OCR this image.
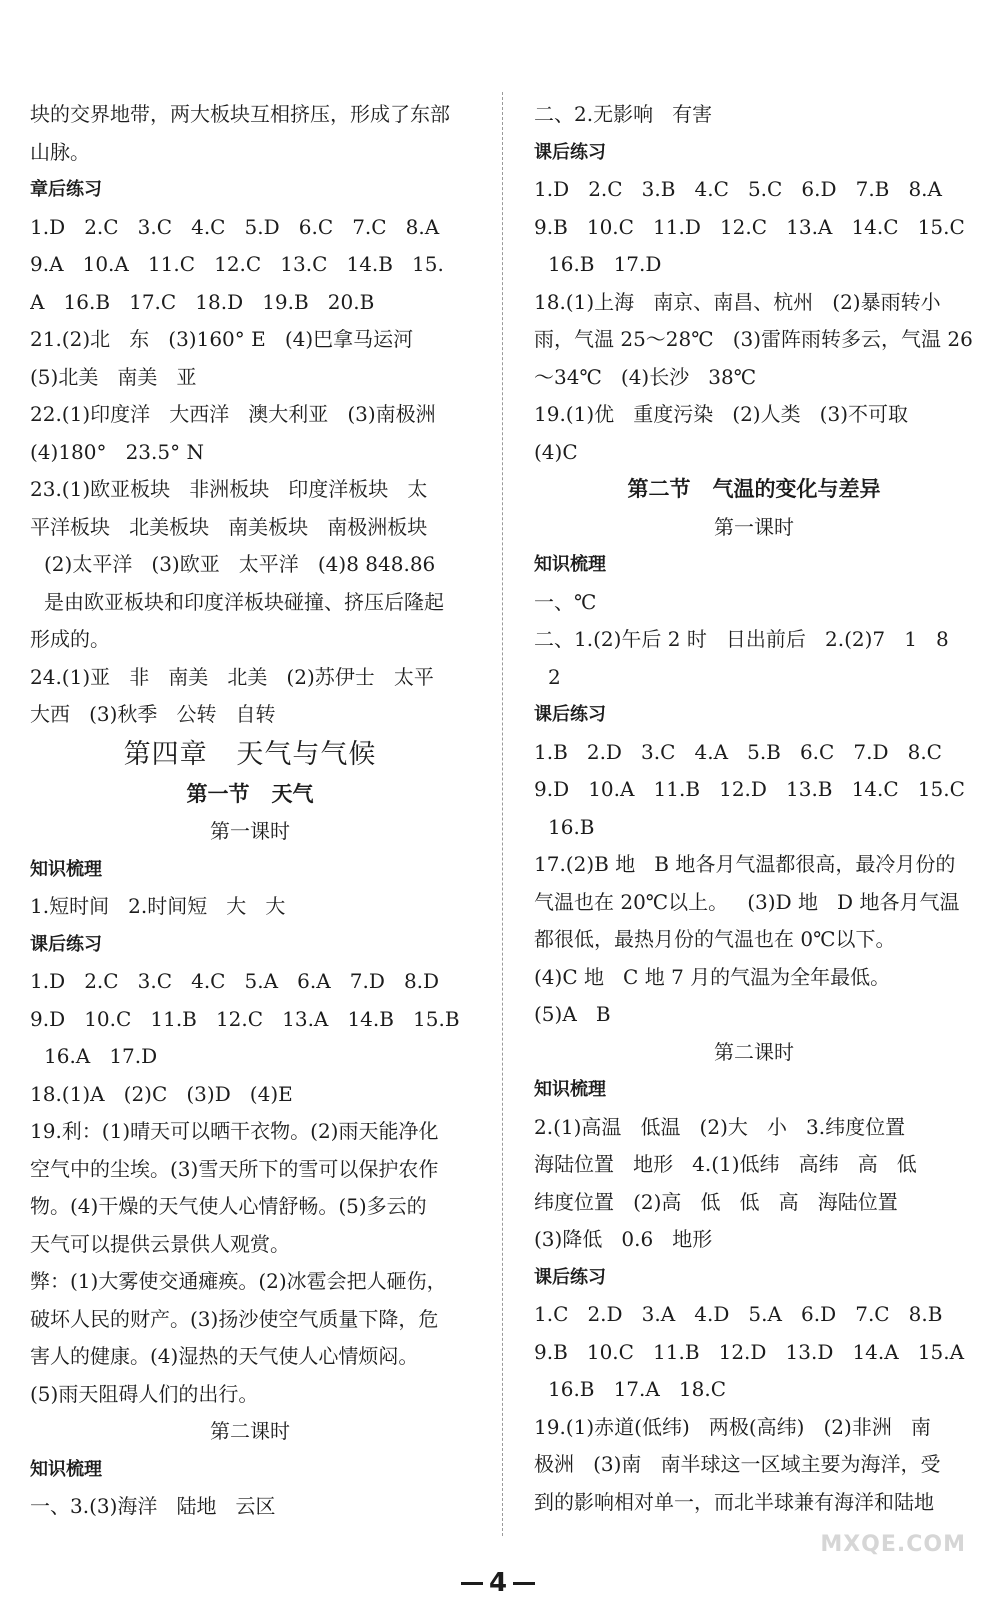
块的交界地带，两大板块互相挤压，形成了东部
山脉。
章后练习
1.D   2.C   3.C   4.C   5.D   6.C   7.C   8.A
9.A   10.A   11.C   12.C   13.C   14.B   15.
A   16.B   17.C   18.D   19.B   20.B
21.(2)北   东   (3)160° E   (4)巴拿马运河
(5)北美   南美   亚
22.(1)印度洋   大西洋   澳大利亚   (3)南极洲
(4)180°   23.5° N
23.(1)欧亚板块   非洲板块   印度洋板块   太
平洋板块   北美板块   南美板块   南极洲板块
(2)太平洋   (3)欧亚   太平洋   (4)8 848.86
是由欧亚板块和印度洋板块碰撞、挤压后隆起
形成的。
24.(1)亚   非   南美   北美   (2)苏伊士   太平
大西   (3)秋季   公转   自转
第四章   天气与气候
第一节   天气
第一课时
知识梳理
1.短时间   2.时间短   大   大
课后练习
1.D   2.C   3.C   4.C   5.A   6.A   7.D   8.D
9.D   10.C   11.B   12.C   13.A   14.B   15.B
16.A   17.D
18.(1)A   (2)C   (3)D   (4)E
19.利：(1)晴天可以晒干衣物。(2)雨天能净化
空气中的尘埃。(3)雪天所下的雪可以保护农作
物。(4)干燥的天气使人心情舒畅。(5)多云的
天气可以提供云景供人观赏。
弊：(1)大雾使交通瘫痪。(2)冰雹会把人砸伤，
破坏人民的财产。(3)扬沙使空气质量下降，危
害人的健康。(4)湿热的天气使人心情烦闷。
(5)雨天阻碍人们的出行。
第二课时
知识梳理
一、3.(3)海洋   陆地   云区
二、2.无影响   有害
课后练习
1.D   2.C   3.B   4.C   5.C   6.D   7.B   8.A
9.B   10.C   11.D   12.C   13.A   14.C   15.C
16.B   17.D
18.(1)上海   南京、南昌、杭州   (2)暴雨转小
雨，气温 25～28℃   (3)雷阵雨转多云，气温 26
～34℃   (4)长沙   38℃
19.(1)优   重度污染   (2)人类   (3)不可取
(4)C
第二节   气温的变化与差异
第一课时
知识梳理
一、℃
二、1.(2)午后 2 时   日出前后   2.(2)7   1   8
2
课后练习
1.B   2.D   3.C   4.A   5.B   6.C   7.D   8.C
9.D   10.A   11.B   12.D   13.B   14.C   15.C
16.B
17.(2)B 地   B 地各月气温都很高，最冷月份的
气温也在 20℃以上。   (3)D 地   D 地各月气温
都很低，最热月份的气温也在 0℃以下。
(4)C 地   C 地 7 月的气温为全年最低。
(5)A   B
第二课时
知识梳理
2.(1)高温   低温   (2)大   小   3.纬度位置
海陆位置   地形   4.(1)低纬   高纬   高   低
纬度位置   (2)高   低   低   高   海陆位置
(3)降低   0.6   地形
课后练习
1.C   2.D   3.A   4.D   5.A   6.D   7.C   8.B
9.B   10.C   11.B   12.D   13.D   14.A   15.A
16.B   17.A   18.C
19.(1)赤道(低纬)   两极(高纬)   (2)非洲   南
极洲   (3)南   南半球这一区域主要为海洋，受
到的影响相对单一，而北半球兼有海洋和陆地
4
MXQE.COM
